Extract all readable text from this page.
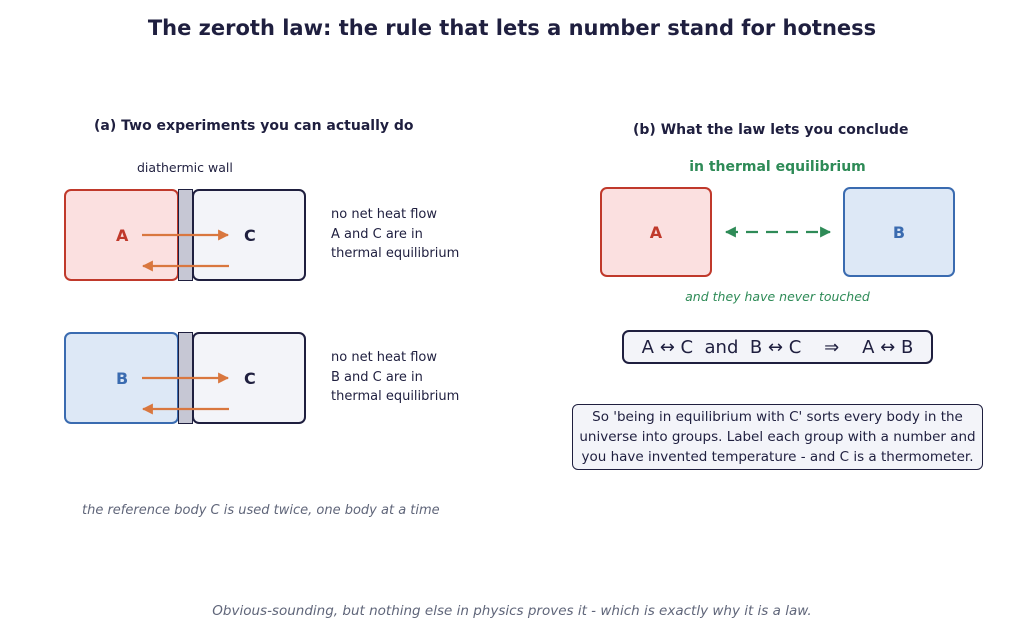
The zeroth law: the rule that lets a number stand for hotness
(a) Two experiments you can actually do
diathermic wall
A	C
no net heat flow
A and C are in
thermal equilibrium
B	C
no net heat flow
B and C are in
thermal equilibrium
the reference body C is used twice, one body at a time
(b) What the law lets you conclude
in thermal equilibrium
A	B
and they have never touched
A ↔ C  and  B ↔ C    ⇒    A ↔ B
So 'being in equilibrium with C' sorts every body in the universe into groups. Label each group with a number and you have invented temperature - and C is a thermometer.
Obvious-sounding, but nothing else in physics proves it - which is exactly why it is a law.
